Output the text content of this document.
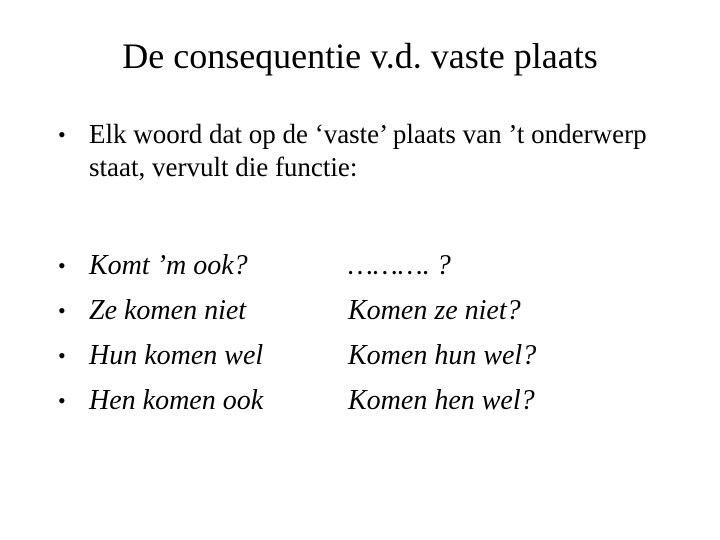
De consequentie v.d. vaste plaats
• Elk woord dat op de ‘vaste’ plaats van ’t onderwerp staat, vervult die functie:
• Komt ’m ook?	………. ?
• Ze komen niet	Komen ze niet?
• Hun komen wel	Komen hun wel?
• Hen komen ook	Komen hen wel?
